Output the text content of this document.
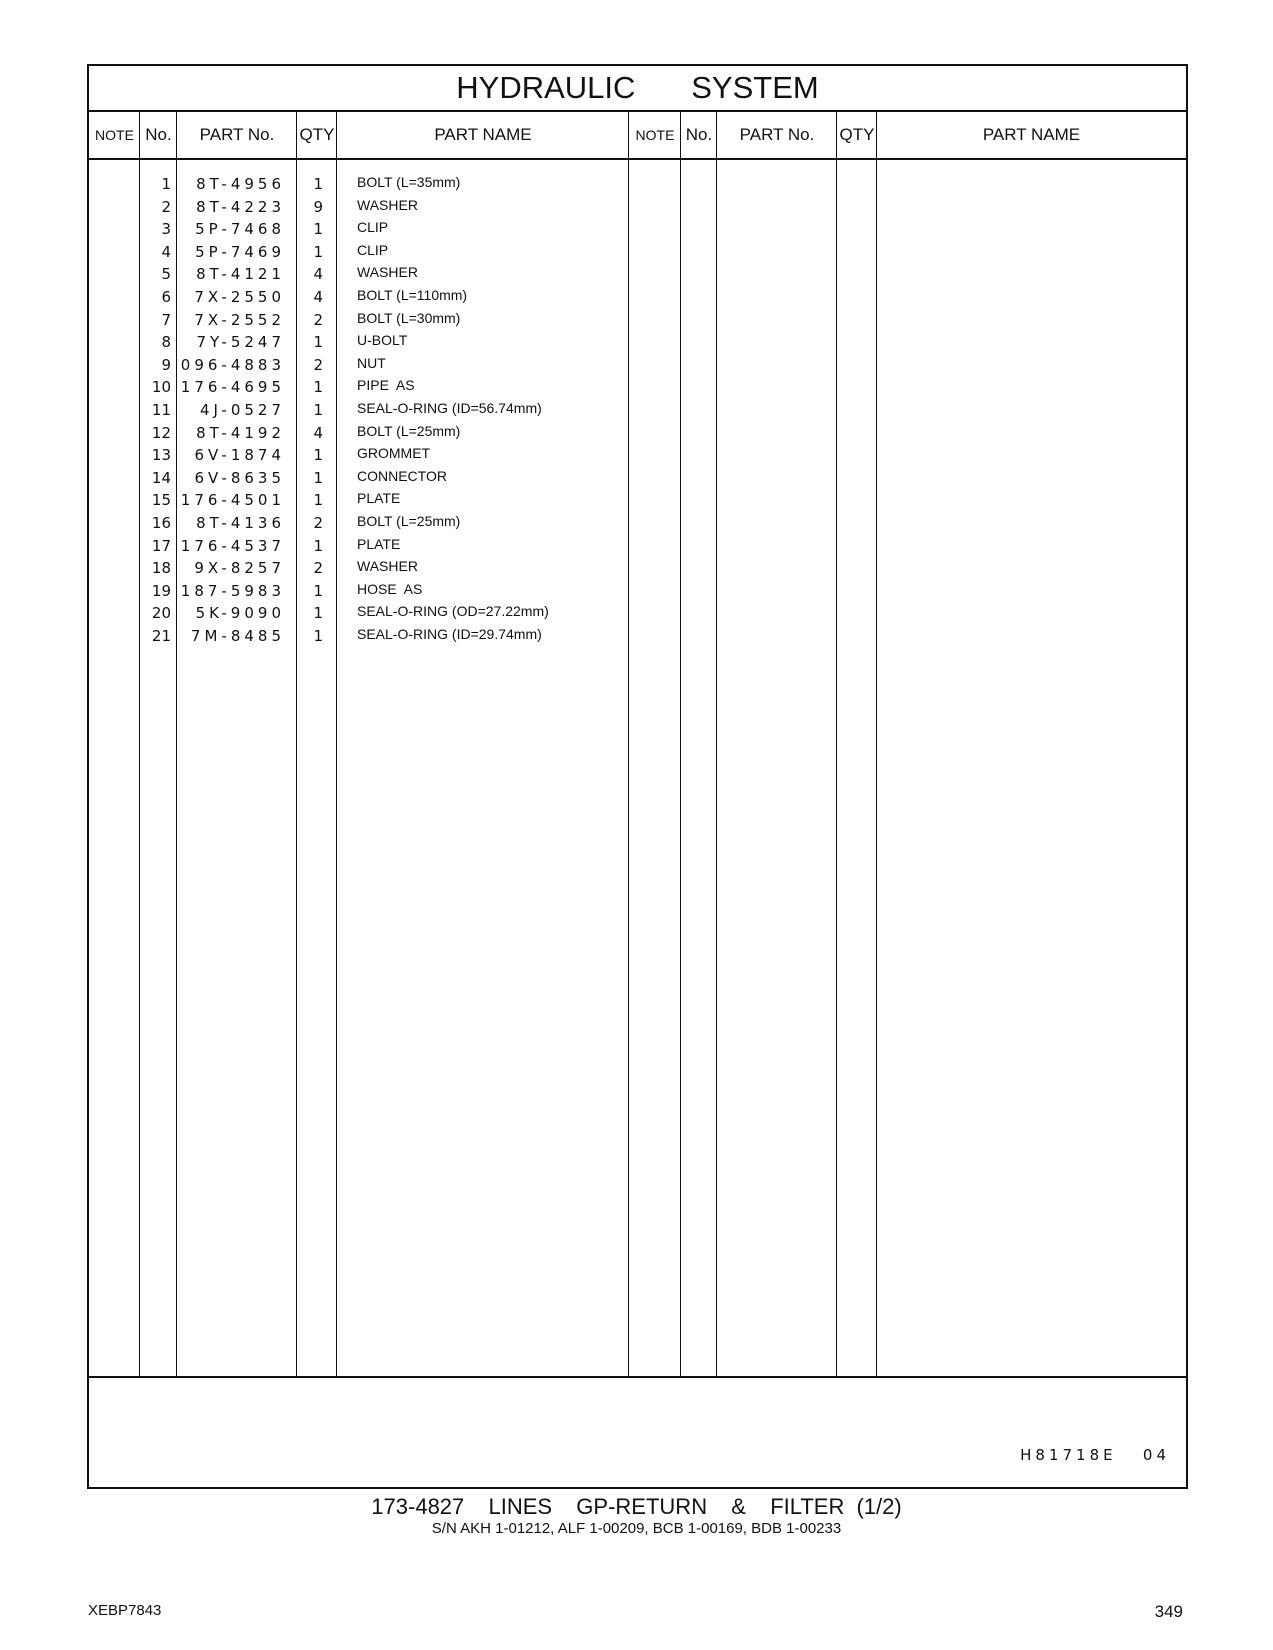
HYDRAULIC   SYSTEM
NOTE No.	PART No.	QTY	PART NAME	NOTE No.	PART No.	QTY	PART NAME
1	8T-4956	1 BOLT (L=35mm)
2	8T-4223	9 WASHER
3	5P-7468	1 CLIP
4	5P-7469	1 CLIP
5	8T-4121	4 WASHER
6	7X-2550	4 BOLT (L=110mm)
7	7X-2552	2 BOLT (L=30mm)
8	7Y-5247	1 U-BOLT
9 096-4883	2 NUT
10 176-4695	1 PIPE  AS
11	4J-0527	1 SEAL-O-RING (ID=56.74mm)
12	8T-4192	4 BOLT (L=25mm)
13	6V-1874	1 GROMMET
14	6V-8635	1 CONNECTOR
15 176-4501	1 PLATE
16	8T-4136	2 BOLT (L=25mm)
17 176-4537	1 PLATE
18	9X-8257	2 WASHER
19 187-5983	1 HOSE  AS
20	5K-9090	1 SEAL-O-RING (OD=27.22mm)
21	7M-8485	1 SEAL-O-RING (ID=29.74mm)
H81718E   04
173-4827  LINES  GP-RETURN  &  FILTER (1/2)
S/N AKH 1-01212, ALF 1-00209, BCB 1-00169, BDB 1-00233
XEBP7843	349
